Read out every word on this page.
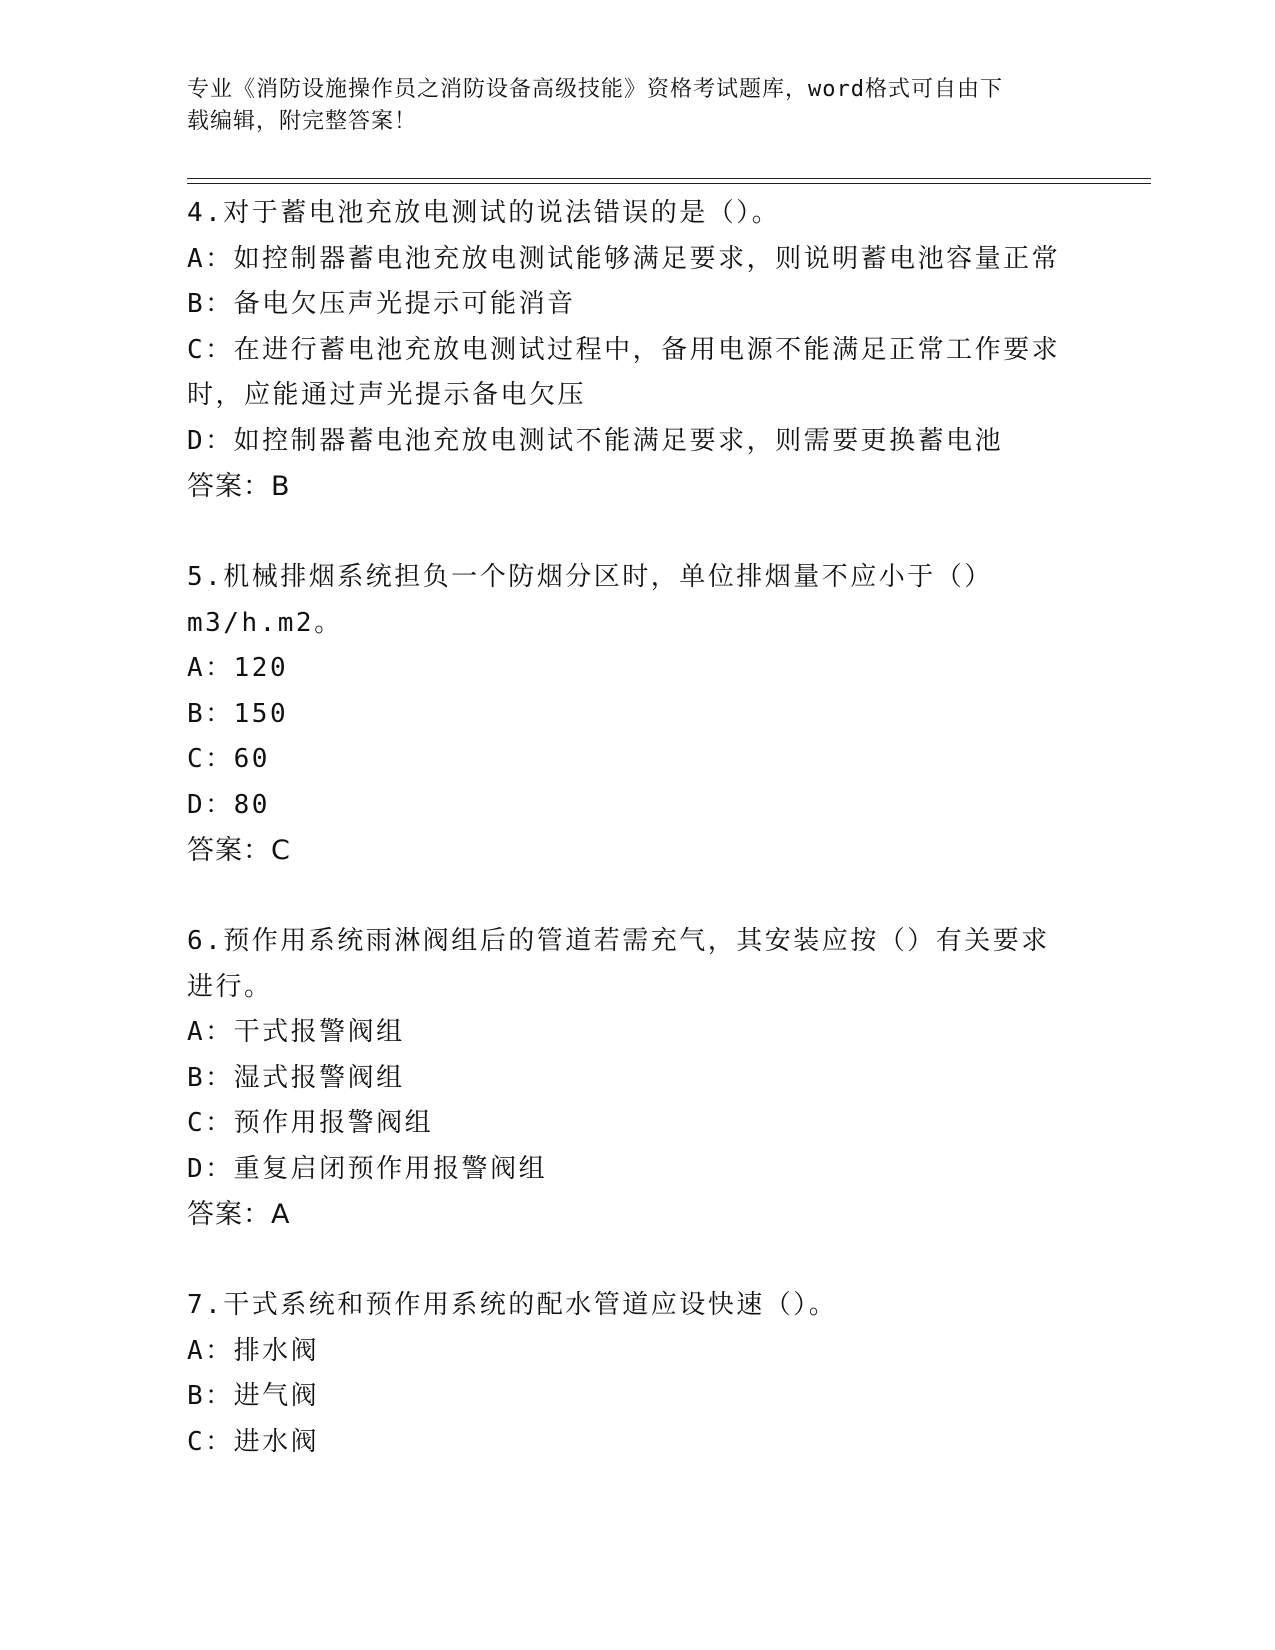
专业《消防设施操作员之消防设备高级技能》资格考试题库，word格式可自由下
载编辑，附完整答案！
4.对于蓄电池充放电测试的说法错误的是（）。
A：如控制器蓄电池充放电测试能够满足要求，则说明蓄电池容量正常
B：备电欠压声光提示可能消音
C：在进行蓄电池充放电测试过程中，备用电源不能满足正常工作要求
时，应能通过声光提示备电欠压
D：如控制器蓄电池充放电测试不能满足要求，则需要更换蓄电池
答案：B
5.机械排烟系统担负一个防烟分区时，单位排烟量不应小于（）
m3/h.m2。
A：120
B：150
C：60
D：80
答案：C
6.预作用系统雨淋阀组后的管道若需充气，其安装应按（）有关要求
进行。
A：干式报警阀组
B：湿式报警阀组
C：预作用报警阀组
D：重复启闭预作用报警阀组
答案：A
7.干式系统和预作用系统的配水管道应设快速（）。
A：排水阀
B：进气阀
C：进水阀
